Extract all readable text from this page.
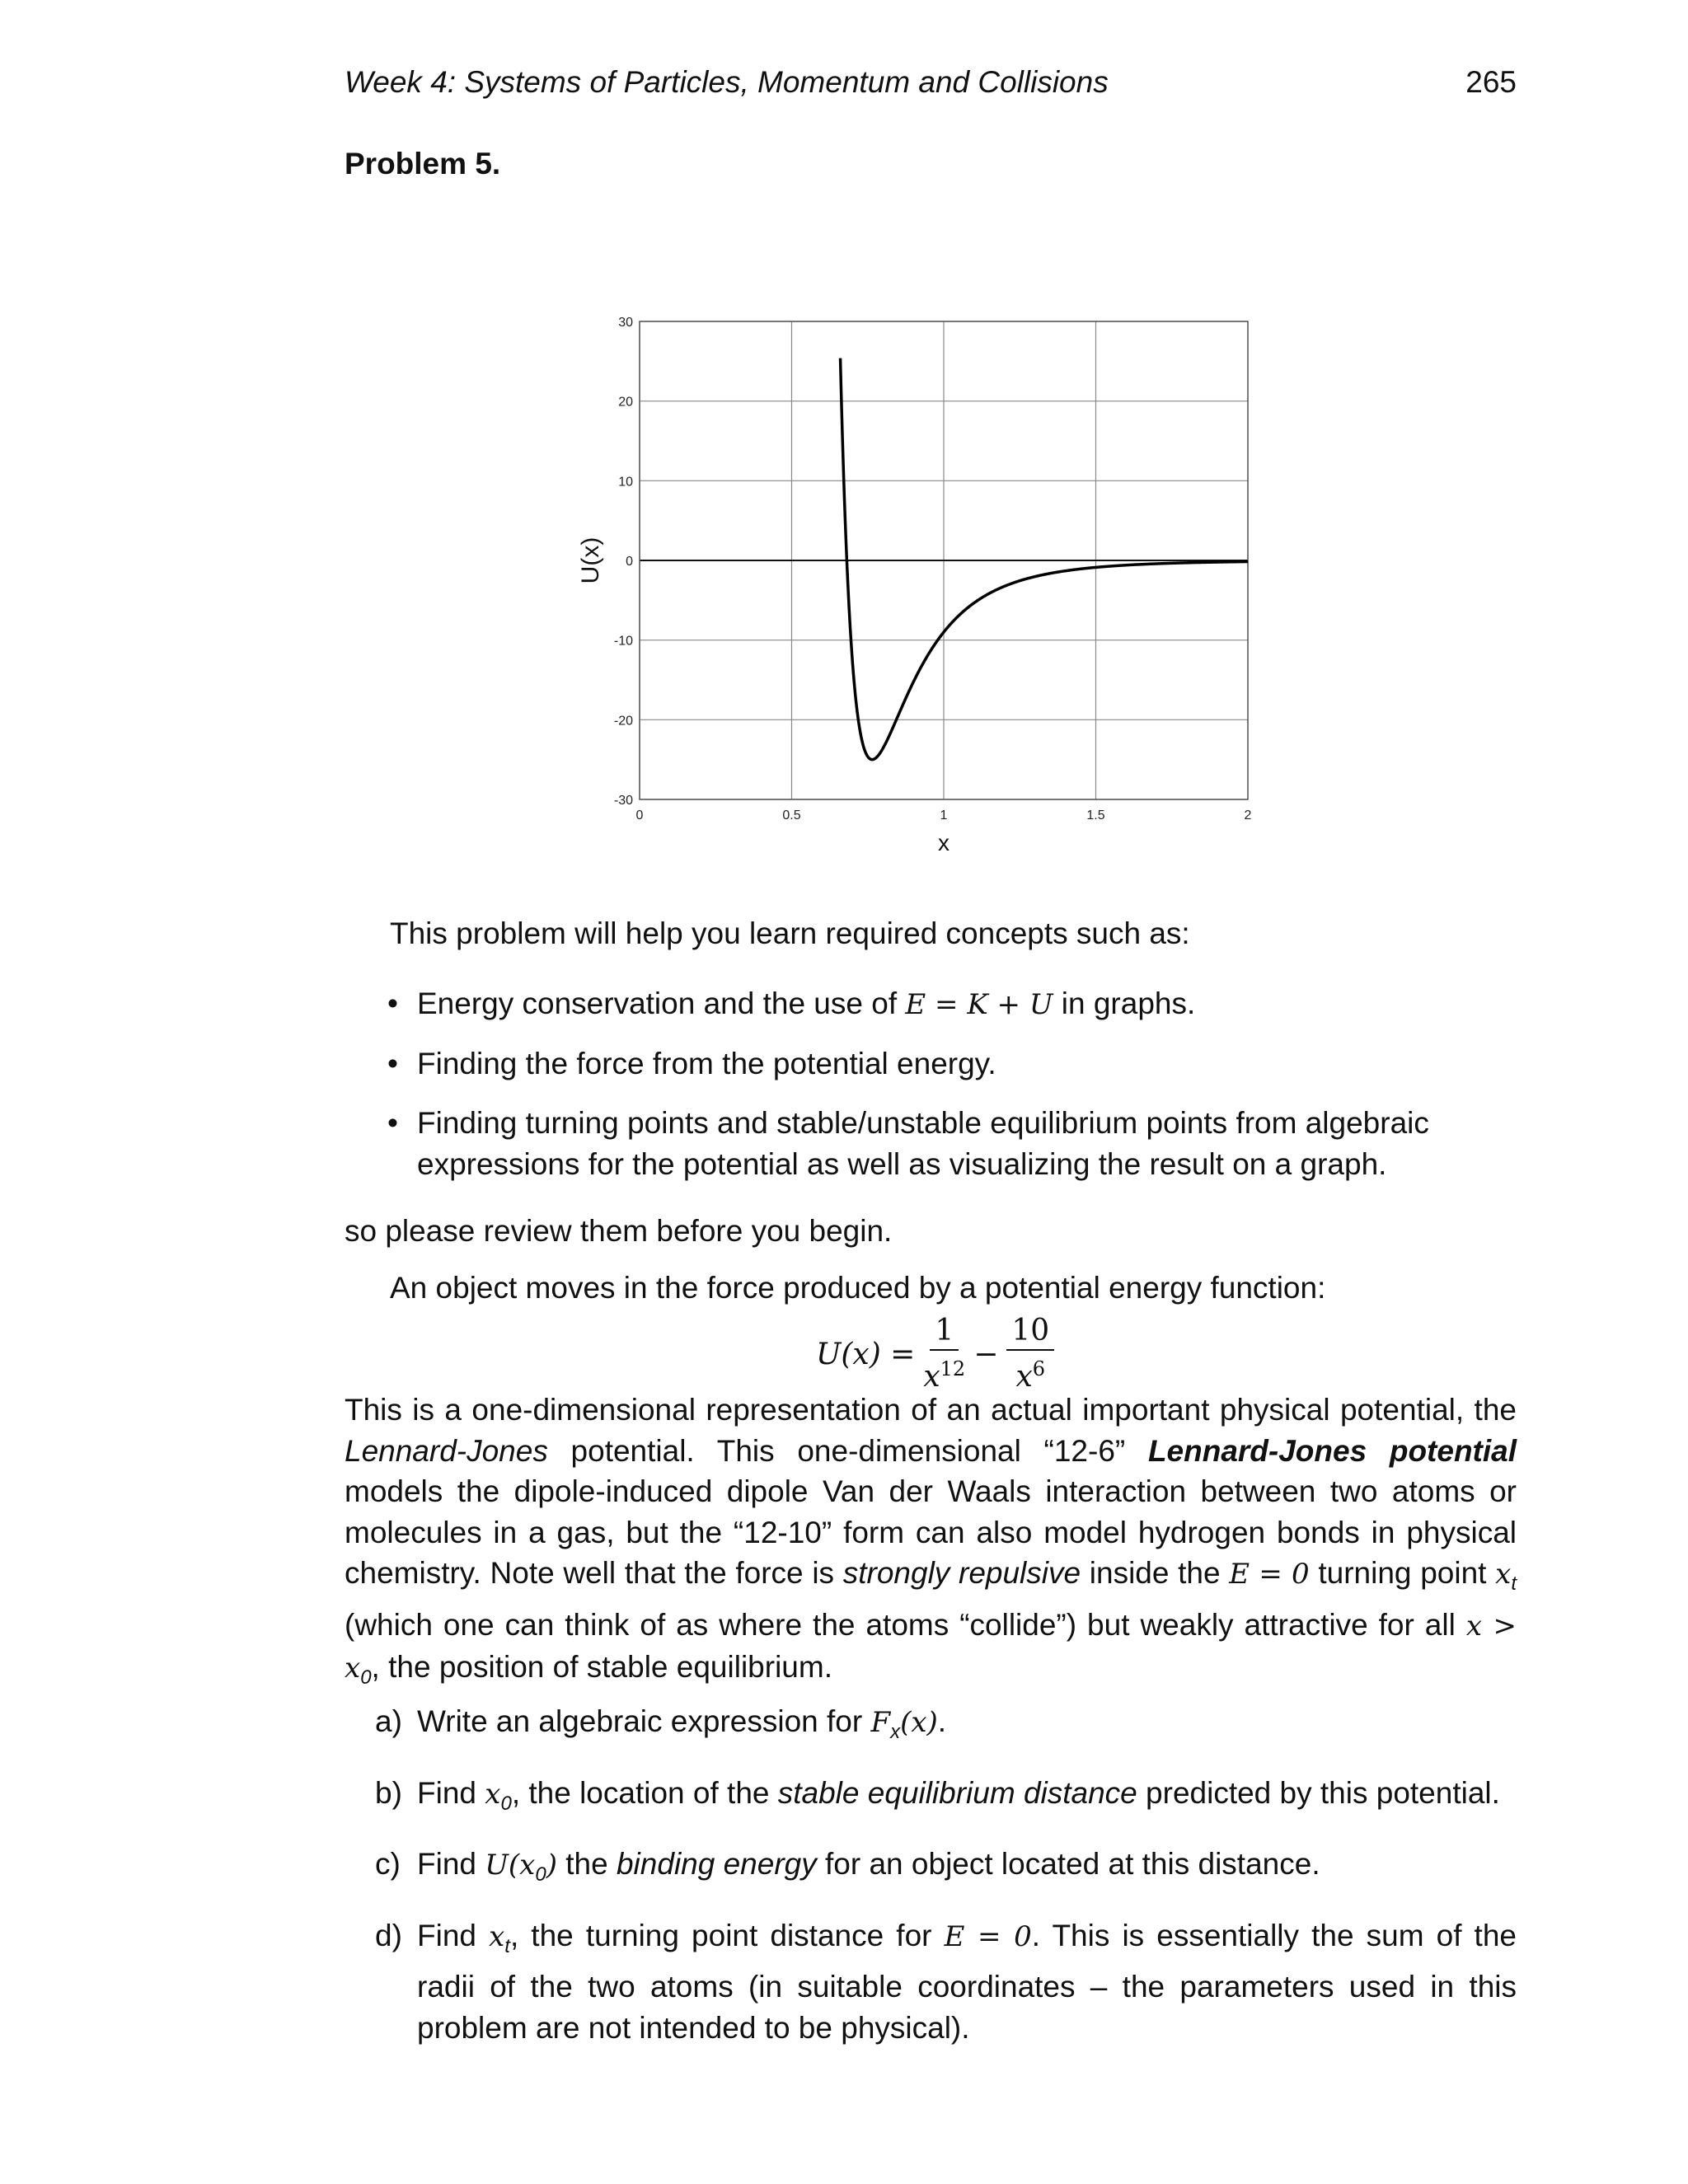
Week 4: Systems of Particles, Momentum and Collisions	265
Problem 5.
0	0.5	1	1.5	2
30
20
10
0
-10
-20
-30
x
U(x)
This problem will help you learn required concepts such as:
• Energy conservation and the use of E = K + U in graphs.
• Finding the force from the potential energy.
• Finding turning points and stable/unstable equilibrium points from algebraic expressions for the potential as well as visualizing the result on a graph.
so please review them before you begin.
An object moves in the force produced by a potential energy function:
$U(x) = \frac{1}{x^{12}} - \frac{10}{x^6}$
This is a one-dimensional representation of an actual important physical potential, the Lennard-Jones potential. This one-dimensional “12-6” Lennard-Jones potential models the dipole-induced dipole Van der Waals interaction between two atoms or molecules in a gas, but the “12-10” form can also model hydrogen bonds in physical chemistry. Note well that the force is strongly repulsive inside the E = 0 turning point $x_t$ (which one can think of as where the atoms “collide”) but weakly attractive for all $x > x_0$, the position of stable equilibrium.
a) Write an algebraic expression for $F_x(x)$.
b) Find $x_0$, the location of the stable equilibrium distance predicted by this potential.
c) Find $U(x_0)$ the binding energy for an object located at this distance.
d) Find $x_t$, the turning point distance for E = 0. This is essentially the sum of the radii of the two atoms (in suitable coordinates – the parameters used in this problem are not intended to be physical).
